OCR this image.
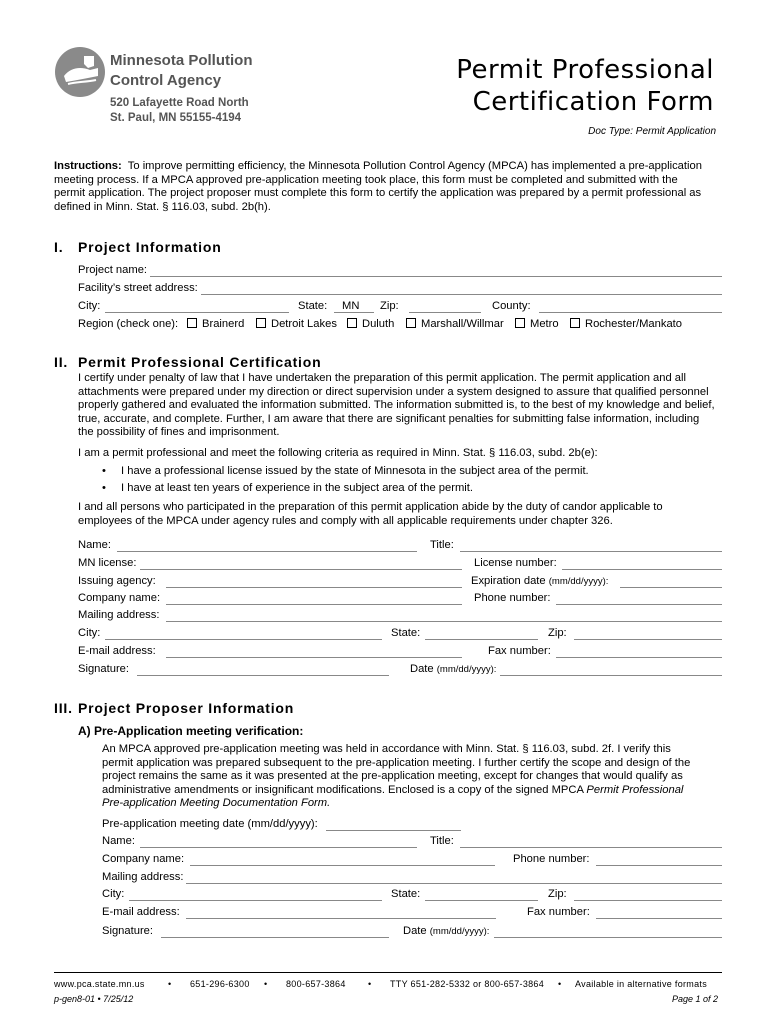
Minnesota Pollution
Control Agency
520 Lafayette Road North
St. Paul, MN 55155-4194
Permit Professional
Certification Form
Doc Type: Permit Application
Instructions: To improve permitting efficiency, the Minnesota Pollution Control Agency (MPCA) has implemented a pre-application
meeting process. If a MPCA approved pre-application meeting took place, this form must be completed and submitted with the
permit application. The project proposer must complete this form to certify the application was prepared by a permit professional as
defined in Minn. Stat. § 116.03, subd. 2b(h).
I. Project Information
Project name:
Facility’s street address:
City:	State: MN Zip:	County:
Region (check one): Brainerd Detroit Lakes Duluth Marshall/Willmar Metro Rochester/Mankato
II. Permit Professional Certification
I certify under penalty of law that I have undertaken the preparation of this permit application. The permit application and all
attachments were prepared under my direction or direct supervision under a system designed to assure that qualified personnel
properly gathered and evaluated the information submitted. The information submitted is, to the best of my knowledge and belief,
true, accurate, and complete. Further, I am aware that there are significant penalties for submitting false information, including
the possibility of fines and imprisonment.
I am a permit professional and meet the following criteria as required in Minn. Stat. § 116.03, subd. 2b(e):
• I have a professional license issued by the state of Minnesota in the subject area of the permit.
• I have at least ten years of experience in the subject area of the permit.
I and all persons who participated in the preparation of this permit application abide by the duty of candor applicable to
employees of the MPCA under agency rules and comply with all applicable requirements under chapter 326.
Name:	Title:
MN license:	License number:
Issuing agency:	Expiration date (mm/dd/yyyy):
Company name:	Phone number:
Mailing address:
City:	State:	Zip:
E-mail address:	Fax number:
Signature:	Date (mm/dd/yyyy):
III. Project Proposer Information
A) Pre-Application meeting verification:
An MPCA approved pre-application meeting was held in accordance with Minn. Stat. § 116.03, subd. 2f. I verify this
permit application was prepared subsequent to the pre-application meeting. I further certify the scope and design of the
project remains the same as it was presented at the pre-application meeting, except for changes that would qualify as
administrative amendments or insignificant modifications. Enclosed is a copy of the signed MPCA Permit Professional
Pre-application Meeting Documentation Form.
Pre-application meeting date (mm/dd/yyyy):
Name:	Title:
Company name:	Phone number:
Mailing address:
City:	State:	Zip:
E-mail address:	Fax number:
Signature:	Date (mm/dd/yyyy):
www.pca.state.mn.us	• 651-296-6300 • 800-657-3864 • TTY 651-282-5332 or 800-657-3864 • Available in alternative formats
p-gen8-01 • 7/25/12	Page 1 of 2
